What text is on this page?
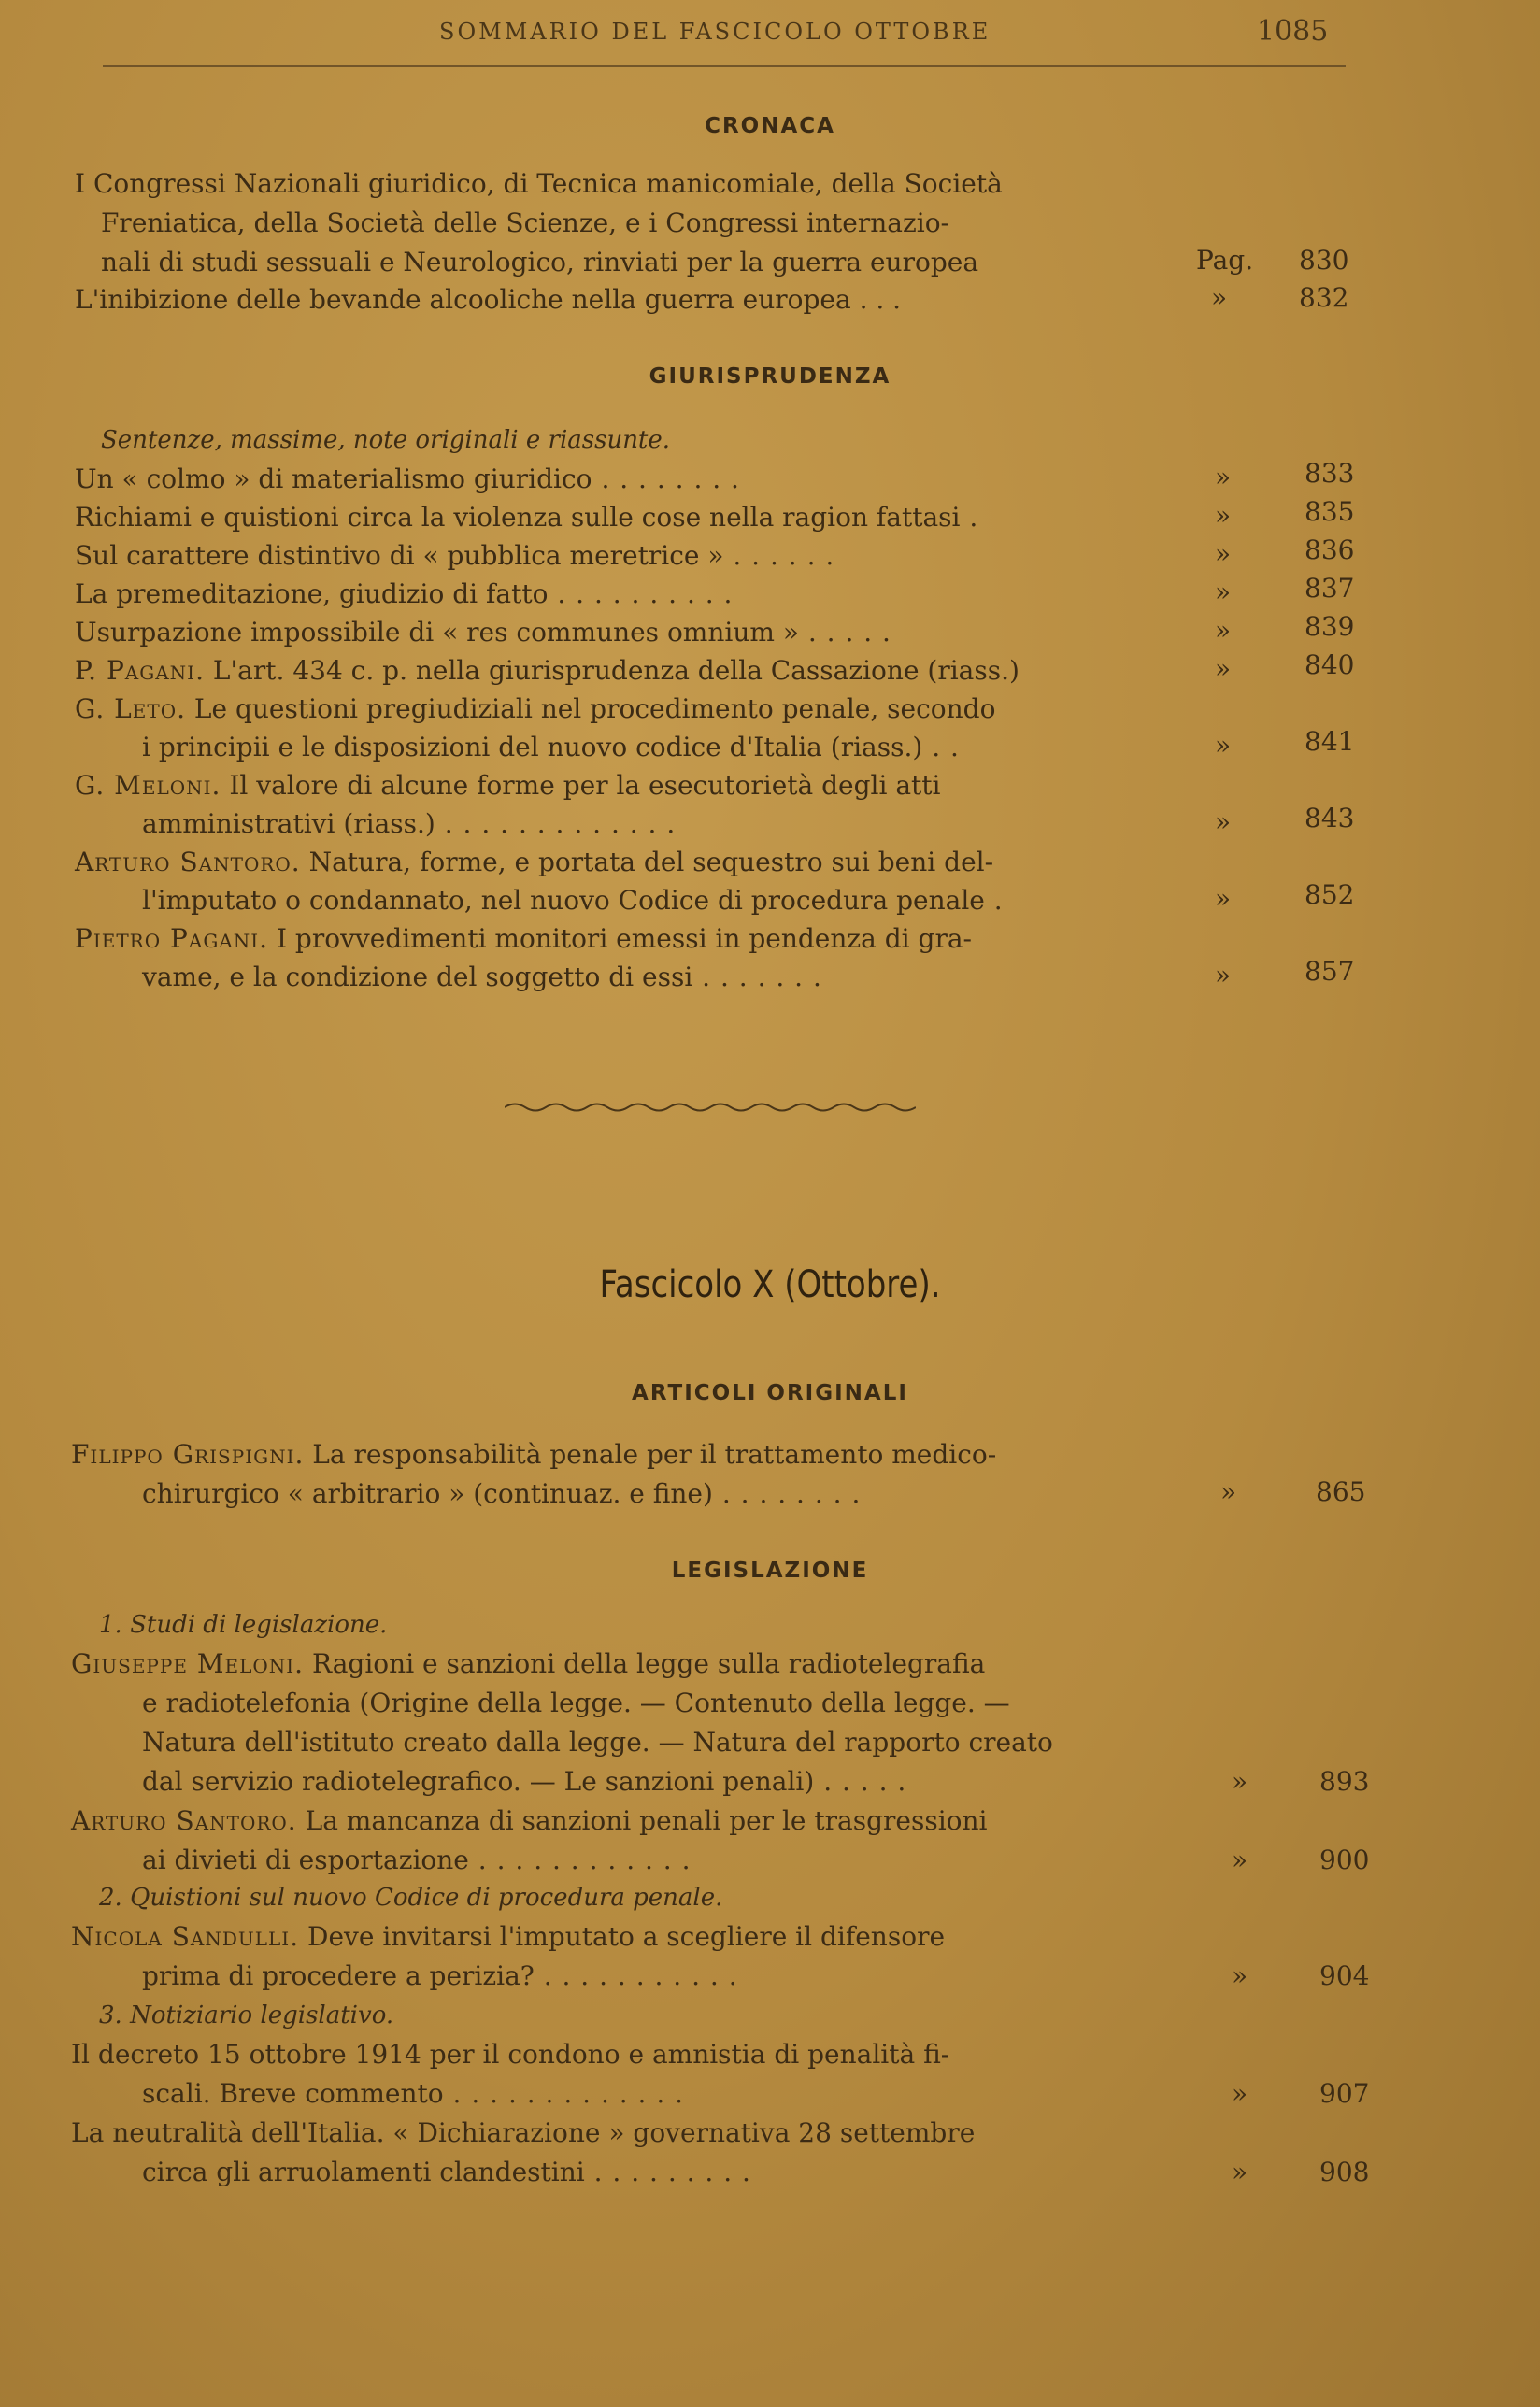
SOMMARIO DEL FASCICOLO OTTOBRE	1085
CRONACA
I Congressi Nazionali giuridico, di Tecnica manicomiale, della Società
Freniatica, della Società delle Scienze, e i Congressi internazio-
nali di studi sessuali e Neurologico, rinviati per la guerra europea	Pag. 830
L'inibizione delle bevande alcooliche nella guerra europea . . .	»	832
GIURISPRUDENZA
Sentenze, massime, note originali e riassunte.
Un « colmo » di materialismo giuridico . . . . . . . .	»	833
Richiami e quistioni circa la violenza sulle cose nella ragion fattasi .	»	835
Sul carattere distintivo di « pubblica meretrice » . . . . . .	»	836
La premeditazione, giudizio di fatto . . . . . . . . . .	»	837
Usurpazione impossibile di « res communes omnium » . . . . .	»	839
P. Pagani. L'art. 434 c. p. nella giurisprudenza della Cassazione (riass.)	»	840
G. Leto. Le questioni pregiudiziali nel procedimento penale, secondo
i principii e le disposizioni del nuovo codice d'Italia (riass.) . .	»	841
G. Meloni. Il valore di alcune forme per la esecutorietà degli atti
amministrativi (riass.) . . . . . . . . . . . . .	»	843
Arturo Santoro. Natura, forme, e portata del sequestro sui beni del-
l'imputato o condannato, nel nuovo Codice di procedura penale .	»	852
Pietro Pagani. I provvedimenti monitori emessi in pendenza di gra-
vame, e la condizione del soggetto di essi . . . . . . .	»	857
Fascicolo X (Ottobre).
ARTICOLI ORIGINALI
Filippo Grispigni. La responsabilità penale per il trattamento medico-
chirurgico « arbitrario » (continuaz. e fine) . . . . . . . .	»	865
LEGISLAZIONE
1. Studi di legislazione.
Giuseppe Meloni. Ragioni e sanzioni della legge sulla radiotelegrafia
e radiotelefonia (Origine della legge. — Contenuto della legge. —
Natura dell'istituto creato dalla legge. — Natura del rapporto creato
dal servizio radiotelegrafico. — Le sanzioni penali) . . . . .	»	893
Arturo Santoro. La mancanza di sanzioni penali per le trasgressioni
ai divieti di esportazione . . . . . . . . . . . .	»	900
2. Quistioni sul nuovo Codice di procedura penale.
Nicola Sandulli. Deve invitarsi l'imputato a scegliere il difensore
prima di procedere a perizia? . . . . . . . . . . .	»	904
3. Notiziario legislativo.
Il decreto 15 ottobre 1914 per il condono e amnistia di penalità fi-
scali. Breve commento . . . . . . . . . . . . .	»	907
La neutralità dell'Italia. « Dichiarazione » governativa 28 settembre
circa gli arruolamenti clandestini . . . . . . . . .	»	908
